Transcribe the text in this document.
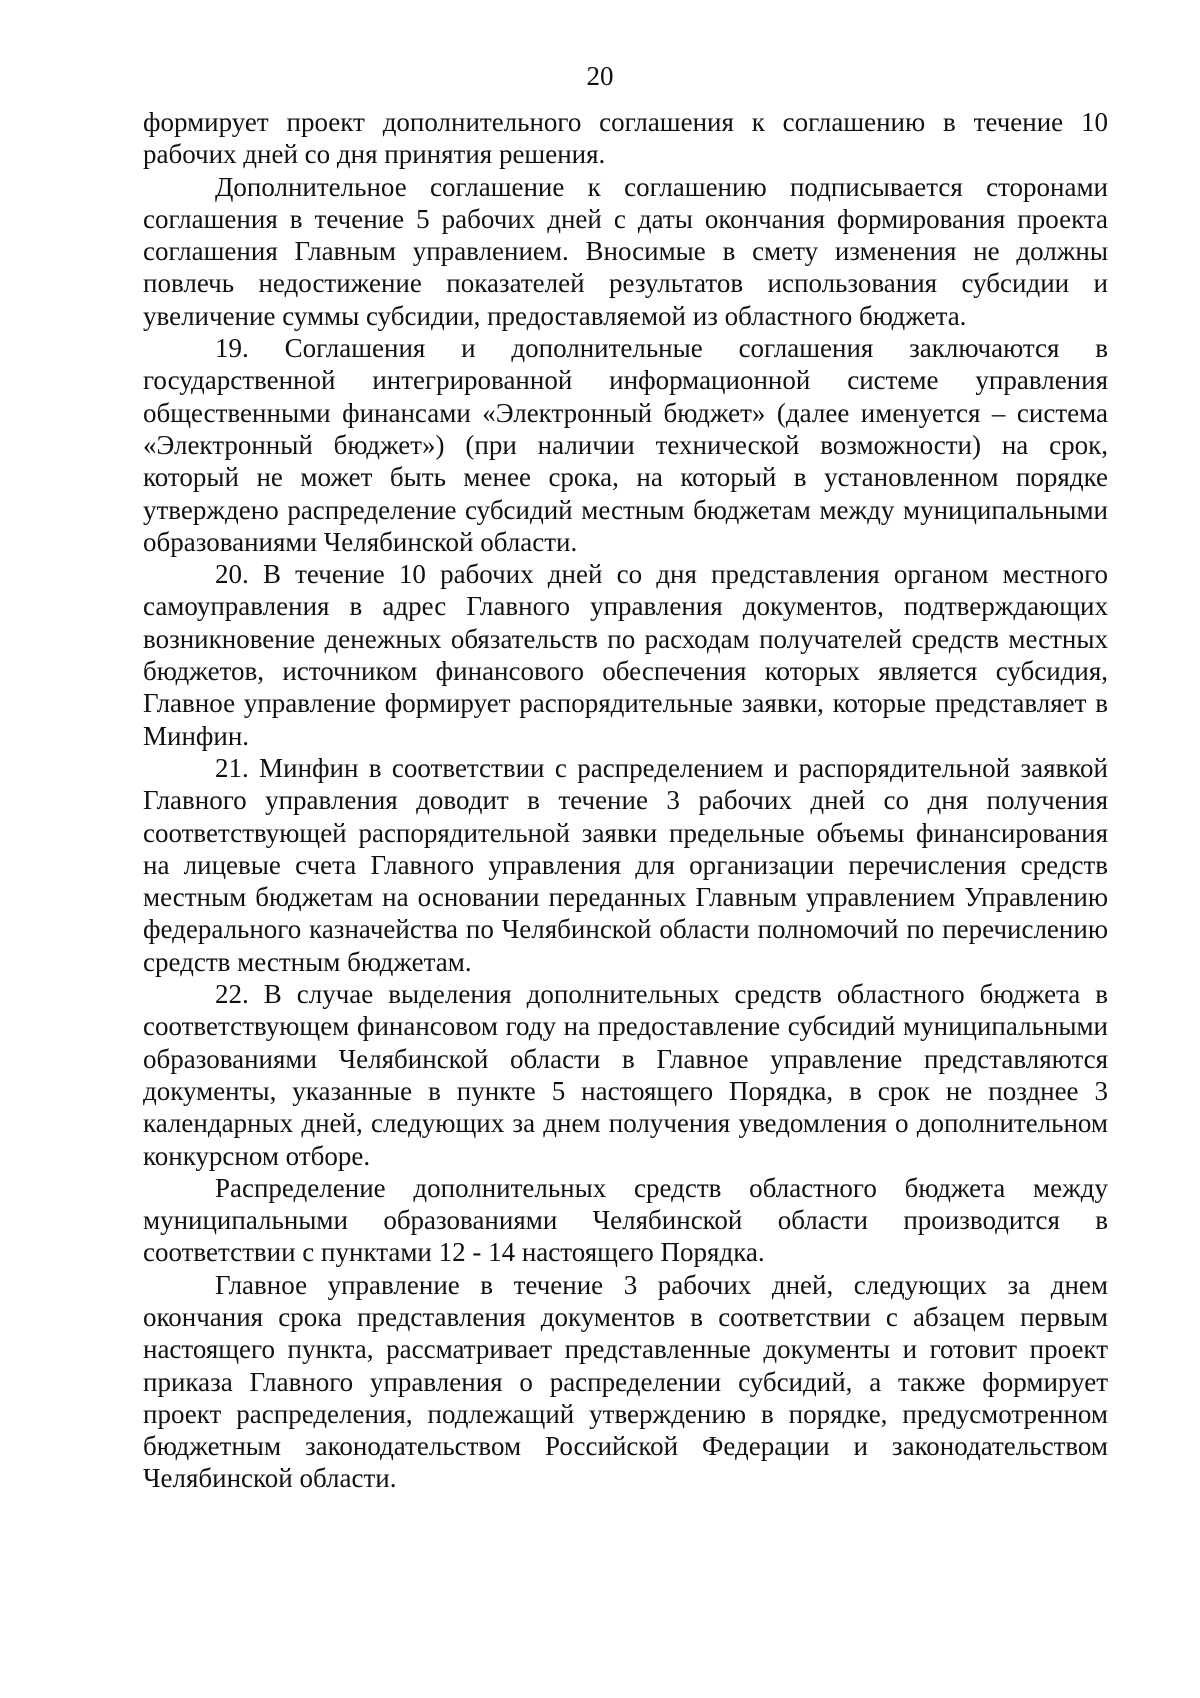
20

формирует проект дополнительного соглашения к соглашению в течение 10 рабочих дней со дня принятия решения.

Дополнительное соглашение к соглашению подписывается сторонами соглашения в течение 5 рабочих дней с даты окончания формирования проекта соглашения Главным управлением. Вносимые в смету изменения не должны повлечь недостижение показателей результатов использования субсидии и увеличение суммы субсидии, предоставляемой из областного бюджета.

19. Соглашения и дополнительные соглашения заключаются в государственной интегрированной информационной системе управления общественными финансами «Электронный бюджет» (далее именуется – система «Электронный бюджет») (при наличии технической возможности) на срок, который не может быть менее срока, на который в установленном порядке утверждено распределение субсидий местным бюджетам между муниципальными образованиями Челябинской области.

20. В течение 10 рабочих дней со дня представления органом местного самоуправления в адрес Главного управления документов, подтверждающих возникновение денежных обязательств по расходам получателей средств местных бюджетов, источником финансового обеспечения которых является субсидия, Главное управление формирует распорядительные заявки, которые представляет в Минфин.

21. Минфин в соответствии с распределением и распорядительной заявкой Главного управления доводит в течение 3 рабочих дней со дня получения соответствующей распорядительной заявки предельные объемы финансирования на лицевые счета Главного управления для организации перечисления средств местным бюджетам на основании переданных Главным управлением Управлению федерального казначейства по Челябинской области полномочий по перечислению средств местным бюджетам.

22. В случае выделения дополнительных средств областного бюджета в соответствующем финансовом году на предоставление субсидий муниципальными образованиями Челябинской области в Главное управление представляются документы, указанные в пункте 5 настоящего Порядка, в срок не позднее 3 календарных дней, следующих за днем получения уведомления о дополнительном конкурсном отборе.

Распределение дополнительных средств областного бюджета между муниципальными образованиями Челябинской области производится в соответствии с пунктами 12 - 14 настоящего Порядка.

Главное управление в течение 3 рабочих дней, следующих за днем окончания срока представления документов в соответствии с абзацем первым настоящего пункта, рассматривает представленные документы и готовит проект приказа Главного управления о распределении субсидий, а также формирует проект распределения, подлежащий утверждению в порядке, предусмотренном бюджетным законодательством Российской Федерации и законодательством Челябинской области.
